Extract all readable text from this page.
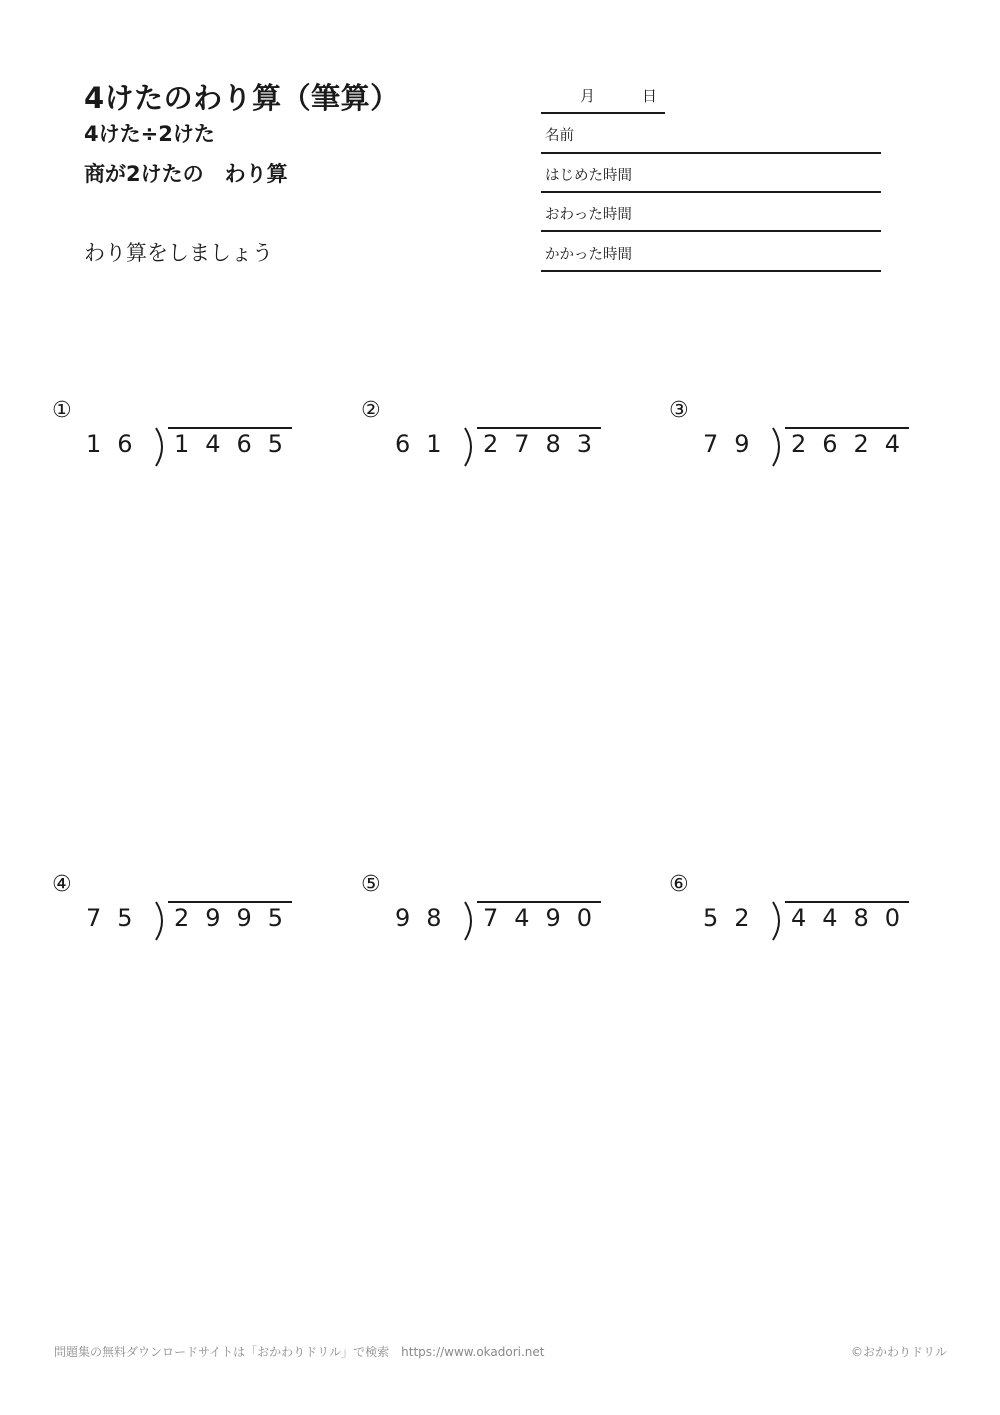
4けたのわり算（筆算）
4けた÷2けた
商が2けたの　わり算
わり算をしましょう
月	日
名前
はじめた時間
おわった時間
かかった時間
①
16 1465
②
61 2783
③
79 2624
④
75 2995
⑤
98 7490
⑥
52 4480
問題集の無料ダウンロードサイトは「おかわりドリル」で検索　https://www.okadori.net	©おかわりドリル
